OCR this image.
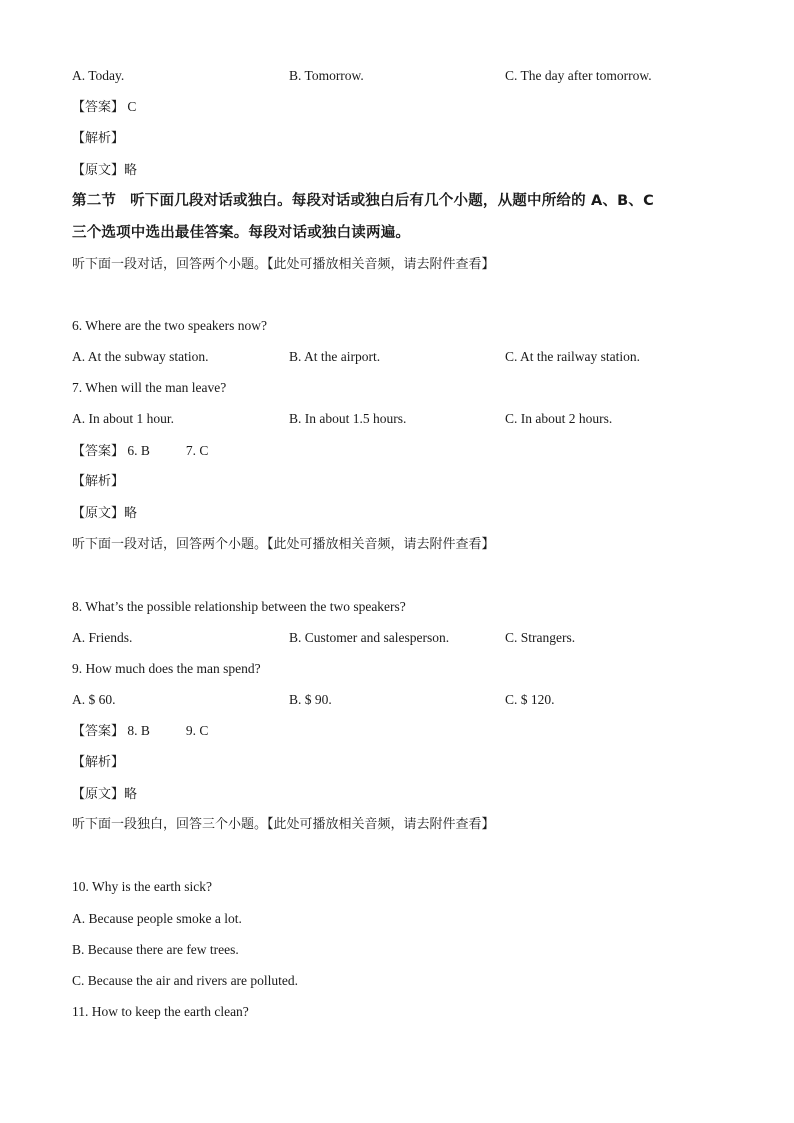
A. Today.	B. Tomorrow.	C. The day after tomorrow.
【答案】 C
【解析】
【原文】略
第二节 听下面几段对话或独白。每段对话或独白后有几个小题，从题中所给的 A、B、C
三个选项中选出最佳答案。每段对话或独白读两遍。
听下面一段对话，回答两个小题。【此处可播放相关音频，请去附件查看】
6. Where are the two speakers now?
A. At the subway station.	B. At the airport.	C. At the railway station.
7. When will the man leave?
A. In about 1 hour.	B. In about 1.5 hours.	C. In about 2 hours.
【答案】 6. B	7. C
【解析】
【原文】略
听下面一段对话，回答两个小题。【此处可播放相关音频，请去附件查看】
8. What’s the possible relationship between the two speakers?
A. Friends.	B. Customer and salesperson.	C. Strangers.
9. How much does the man spend?
A. $ 60.	B. $ 90.	C. $ 120.
【答案】 8. B	9. C
【解析】
【原文】略
听下面一段独白，回答三个小题。【此处可播放相关音频，请去附件查看】
10. Why is the earth sick?
A. Because people smoke a lot.
B. Because there are few trees.
C. Because the air and rivers are polluted.
11. How to keep the earth clean?
